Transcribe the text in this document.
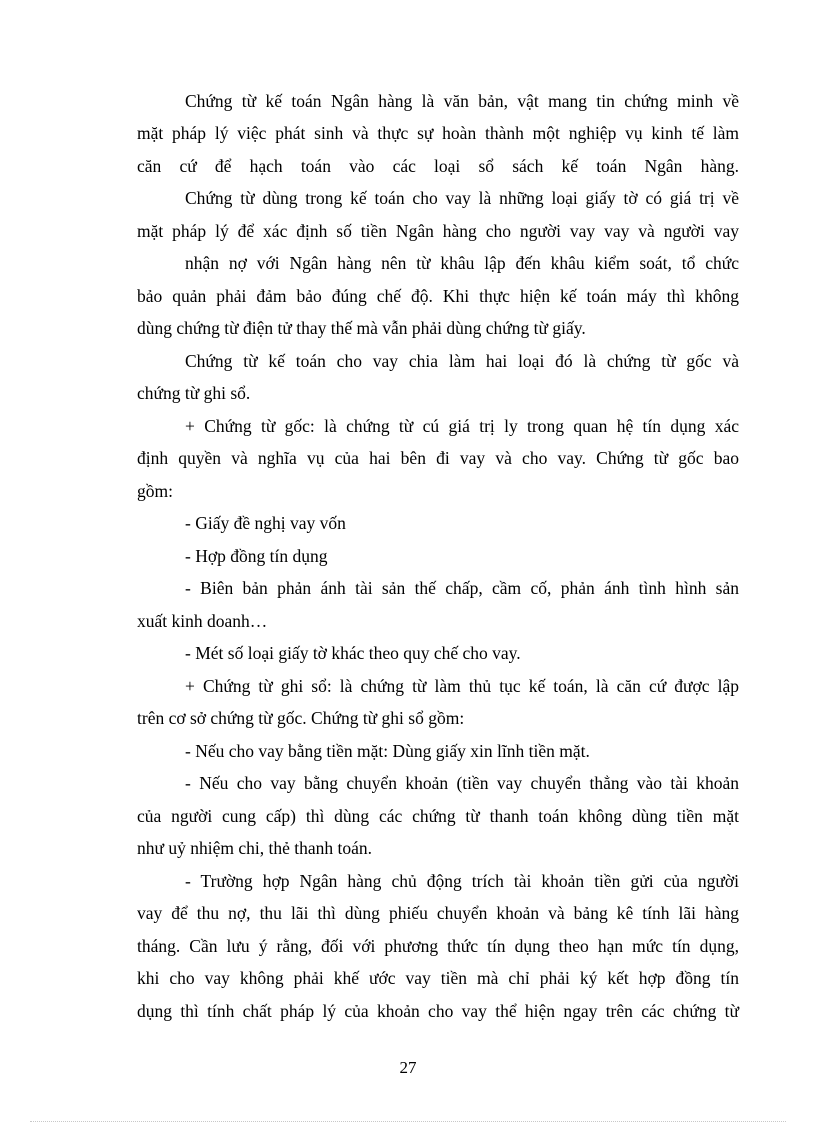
Chứng từ kế toán Ngân hàng là văn bản, vật mang tin chứng minh về
mặt pháp lý việc phát sinh và thực sự hoàn thành một nghiệp vụ kinh tế làm
căn cứ để hạch toán vào các loại sổ sách kế toán Ngân hàng.
Chứng từ dùng trong kế toán cho vay là những loại giấy tờ có giá trị về
mặt pháp lý để xác định số tiền Ngân hàng cho người vay vay và người vay
nhận nợ với Ngân hàng nên từ khâu lập đến khâu kiểm soát, tổ chức
bảo quản phải đảm bảo đúng chế độ. Khi thực hiện kế toán máy thì không
dùng chứng từ điện tử thay thế mà vẫn phải dùng chứng từ giấy.
Chứng từ kế toán cho vay chia làm hai loại đó là chứng từ gốc và
chứng từ ghi sổ.
+ Chứng từ gốc: là chứng từ cú giá trị ly trong quan hệ tín dụng xác
định quyền và nghĩa vụ của hai bên đi vay và cho vay. Chứng từ gốc bao
gồm:
- Giấy đề nghị vay vốn
- Hợp đồng tín dụng
- Biên bản phản ánh tài sản thế chấp, cầm cố, phản ánh tình hình sản
xuất kinh doanh…
- Mét số loại giấy tờ khác theo quy chế cho vay.
+ Chứng từ ghi sổ: là chứng từ làm thủ tục kế toán, là căn cứ được lập
trên cơ sở chứng từ gốc. Chứng từ ghi sổ gồm:
- Nếu cho vay bằng tiền mặt: Dùng giấy xin lĩnh tiền mặt.
- Nếu cho vay bằng chuyển khoản (tiền vay chuyển thẳng vào tài khoản
của người cung cấp) thì dùng các chứng từ thanh toán không dùng tiền mặt
như uỷ nhiệm chi, thẻ thanh toán.
- Trường hợp Ngân hàng chủ động trích tài khoản tiền gửi của người
vay để thu nợ, thu lãi thì dùng phiếu chuyển khoản và bảng kê tính lãi hàng
tháng. Cần lưu ý rằng, đối với phương thức tín dụng theo hạn mức tín dụng,
khi cho vay không phải khế ước vay tiền mà chỉ phải ký kết hợp đồng tín
dụng thì tính chất pháp lý của khoản cho vay thể hiện ngay trên các chứng từ
27
